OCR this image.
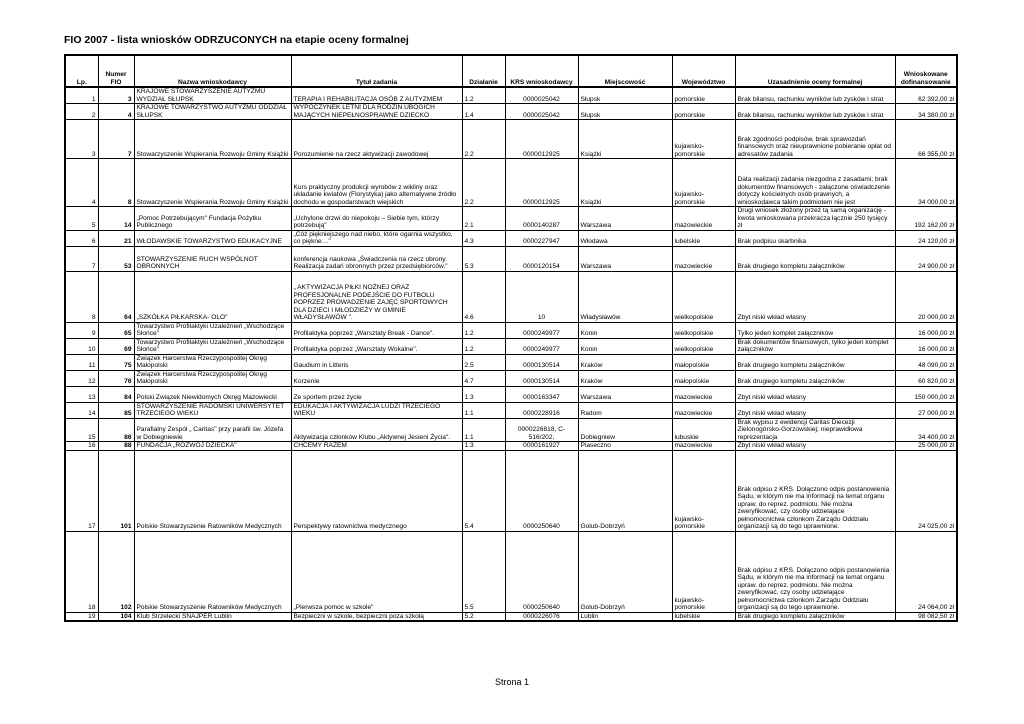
FIO 2007 - lista wniosków ODRZUCONYCH na etapie oceny formalnej
Lp.	Numer FIO	Nazwa wnioskodawcy	Tytuł zadania	Działanie	KRS wnioskodawcy	Miejscowość	Województwo	Uzasadnienie oceny formalnej	Wnioskowane dofinansowanie
1	3	KRAJOWE STOWARZYSZENIE AUTYZMU WYDZIAŁ SŁUPSK	TERAPIA I REHABILITACJA OSÓB Z AUTYZMEM	1.2	0000025042	Słupsk	pomorskie	Brak bilansu, rachunku wyników lub zysków i strat	62 392,00 zł
2	4	KRAJOWE TOWARZYSTWO AUTYZMU ODDZIAŁ SŁUPSK	WYPOCZYNEK LETNI DLA RODZIN UBOGICH MAJĄCYCH NIEPEŁNOSPRAWNE DZIECKO	1.4	0000025042	Słupsk	pomorskie	Brak bilansu, rachunku wyników lub zysków i strat	34 380,00 zł
3	7	Stowarzyszenie Wspierania Rozwoju Gminy Książki	Porozumienie na rzecz aktywizacji zawodowej	2.2	0000012925	Książki	kujawsko-pomorskie	Brak zgodności podpisów, brak sprawozdań finansowych oraz nieuprawnione pobieranie opłat od adresatów zadania	66 355,00 zł
4	8	Stowarzyszenie Wspierania Rozwoju Gminy Książki	Kurs praktyczny produkcji wyrobów z wikliny oraz układanie kwiatów (Florystyka) jako alternatywne źródło dochodu w gospodarstwach wiejskich	2.2	0000012925	Książki	kujawsko-pomorskie	Data realizacji zadania niezgodna z zasadami; brak dokumentów finansowych - załączone oświadczenie dotyczy kościelnych osób prawnych, a wnioskodawca takim podmiotem nie jest	34 000,00 zł
5	14	„Pomoc Potrzebującym" Fundacja Pożytku Publicznego	„Uchylone drzwi do niepokoju – Siebie tym, którzy potrzebują"	2.1	0000140287	Warszawa	mazowieckie	Drugi wniosek złożony przez tą samą organizację - kwota wnioskowana przekracza łącznie 250 tysięcy zł	192 162,00 zł
6	21	WŁODAWSKIE TOWARZYSTWO EDUKACYJNE	„Cóż piękniejszego nad niebo, które ogarnia wszystko, co piękne…"	4.3	0000227947	Włodawa	lubelskie	Brak podpisu skarbnika	24 120,00 zł
7	53	STOWARZYSZENIE RUCH WSPÓLNOT OBRONNYCH	konferencja naukowa „Świadczenia na rzecz obrony. Realizacja zadań obronnych przez przedsiębiorców."	5.3	0000120154	Warszawa	mazowieckie	Brak drugiego kompletu załączników	24 900,00 zł
8	64	„SZKÓŁKA PIŁKARSKA- OLO"	„ AKTYWIZACJA PIŁKI NOŻNEJ ORAZ PROFESJONALNE PODEJŚCIE DO FUTBOLU POPRZEZ PROWADZENIE ZAJĘĆ SPORTOWYCH DLA DZIECI I MŁODZIEŻY W GMINIE WŁADYSŁAWÓW ".	4.6	10	Władysławów	wielkopolskie	Zbyt niski wkład własny	20 000,00 zł
9	65	Towarzystwo Profilaktyki Uzależnień „Wschodzące Słońce"	Profilaktyka poprzez „Warsztaty Break - Dance".	1.2	0000249977	Konin	wielkopolskie	Tylko jeden komplet załączników	16 000,00 zł
10	69	Towarzystwo Profilaktyki Uzależnień „Wschodzące Słońce"	Profilaktyka poprzez „Warsztaty Wokalne".	1.2	0000249977	Konin	wielkopolskie	Brak dokumentów finansowych, tylko jeden komplet załączników	16 000,00 zł
11	75	Związek Harcerstwa Rzeczypospolitej Okręg Małopolski	Gaudium in Litteris	2.5	0000130514	Kraków	małopolskie	Brak drugiego kompletu załączników	48 090,00 zł
12	76	Związek Harcerstwa Rzeczypospolitej Okręg Małopolski	Korzenie	4.7	0000130514	Kraków	małopolskie	Brak drugiego kompletu załączników	60 820,00 zł
13	84	Polski Związek Niewidomych Okręg Mazowiecki	Ze sportem przez życie	1.3	0000163347	Warszawa	mazowieckie	Zbyt niski wkład własny	150 000,00 zł
14	85	STOWARZYSZENIE RADOMSKI UNIWERSYTET TRZECIEGO WIEKU	EDUKACJA I AKTYWIZACJA LUDZI TRZECIEGO WIEKU	1.1	0000228916	Radom	mazowieckie	Zbyt niski wkład własny	27 000,00 zł
15	86	Parafialny Zespół „ Caritas" przy parafii św. Józefa w Dobiegniewie	Aktywizacja członków Klubu „Aktywnej Jesieni Życia".	1.1	0000226818, C-516/202,	Dobiegniew	lubuskie	Brak wypisu z ewidencji Caritas Diecezji Zielonogórsko-Gorzowskiej; nieprawidłowa reprezentacja	34 400,00 zł
16	88	FUNDACJA „ROZWÓJ DZIECKA"	CHCEMY RAZEM	1.3	0000161927	Piaseczno	mazowieckie	Zbyt niski wkład własny	25 000,00 zł
17	101	Polskie Stowarzyszenie Ratowników Medycznych	Perspektywy ratownictwa medycznego	5.4	0000250640	Golub-Dobrzyń	kujawsko-pomorskie	Brak odpisu z KRS. Dołączono odpis postanowienia Sądu, w którym nie ma informacji na temat organu upraw. do reprez. podmiotu. Nie można zweryfikować, czy osoby udzielające pełnomocnictwa członkom Zarządu Oddziału organizacji są do tego uprawnione.	24 025,00 zł
18	102	Polskie Stowarzyszenie Ratowników Medycznych	„Pierwsza pomoc w szkole"	5.5	0000250640	Golub-Dobrzyń	kujawsko-pomorskie	Brak odpisu z KRS. Dołączono odpis postanowienia Sądu, w którym nie ma informacji na temat organu upraw. do reprez. podmiotu. Nie można zweryfikować, czy osoby udzielające pełnomocnictwa członkom Zarządu Oddziału organizacji są do tego uprawnione.	24 064,00 zł
19	104	Klub Strzelecki SNAJPER Lublin	Bezpieczni w szkole, bezpieczni poza szkołą	5.2	0000226076	Lublin	lubelskie	Brak drugiego kompletu załączników	98 082,50 zł
Strona 1
